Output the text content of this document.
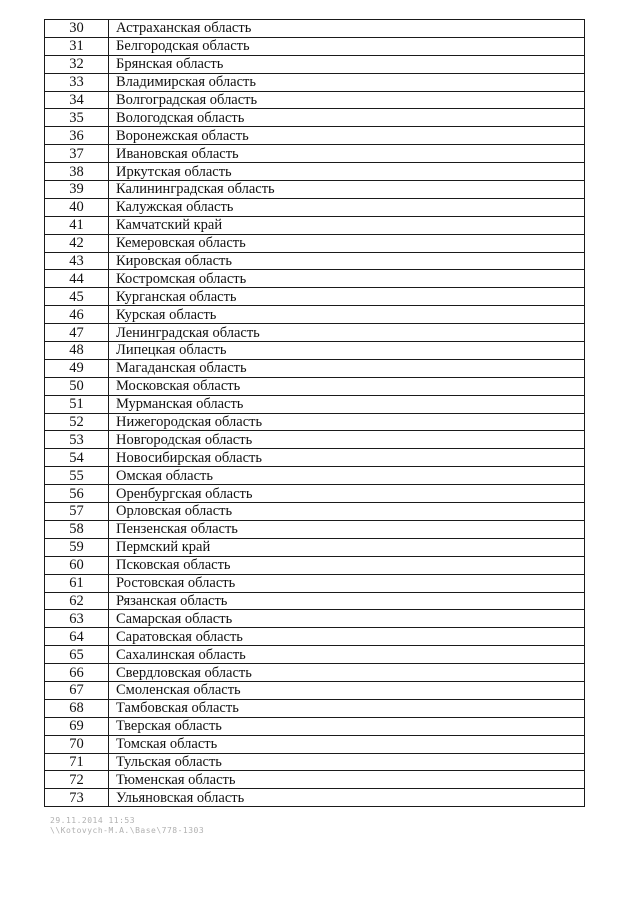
30	Астраханская область
31	Белгородская область
32	Брянская область
33	Владимирская область
34	Волгоградская область
35	Вологодская область
36	Воронежская область
37	Ивановская область
38	Иркутская область
39	Калининградская область
40	Калужская область
41	Камчатский край
42	Кемеровская область
43	Кировская область
44	Костромская область
45	Курганская область
46	Курская область
47	Ленинградская область
48	Липецкая область
49	Магаданская область
50	Московская область
51	Мурманская область
52	Нижегородская область
53	Новгородская область
54	Новосибирская область
55	Омская область
56	Оренбургская область
57	Орловская область
58	Пензенская область
59	Пермский край
60	Псковская область
61	Ростовская область
62	Рязанская область
63	Самарская область
64	Саратовская область
65	Сахалинская область
66	Свердловская область
67	Смоленская область
68	Тамбовская область
69	Тверская область
70	Томская область
71	Тульская область
72	Тюменская область
73	Ульяновская область
29.11.2014 11:53
\\Kotovych-M.A.\Base\778-1303
